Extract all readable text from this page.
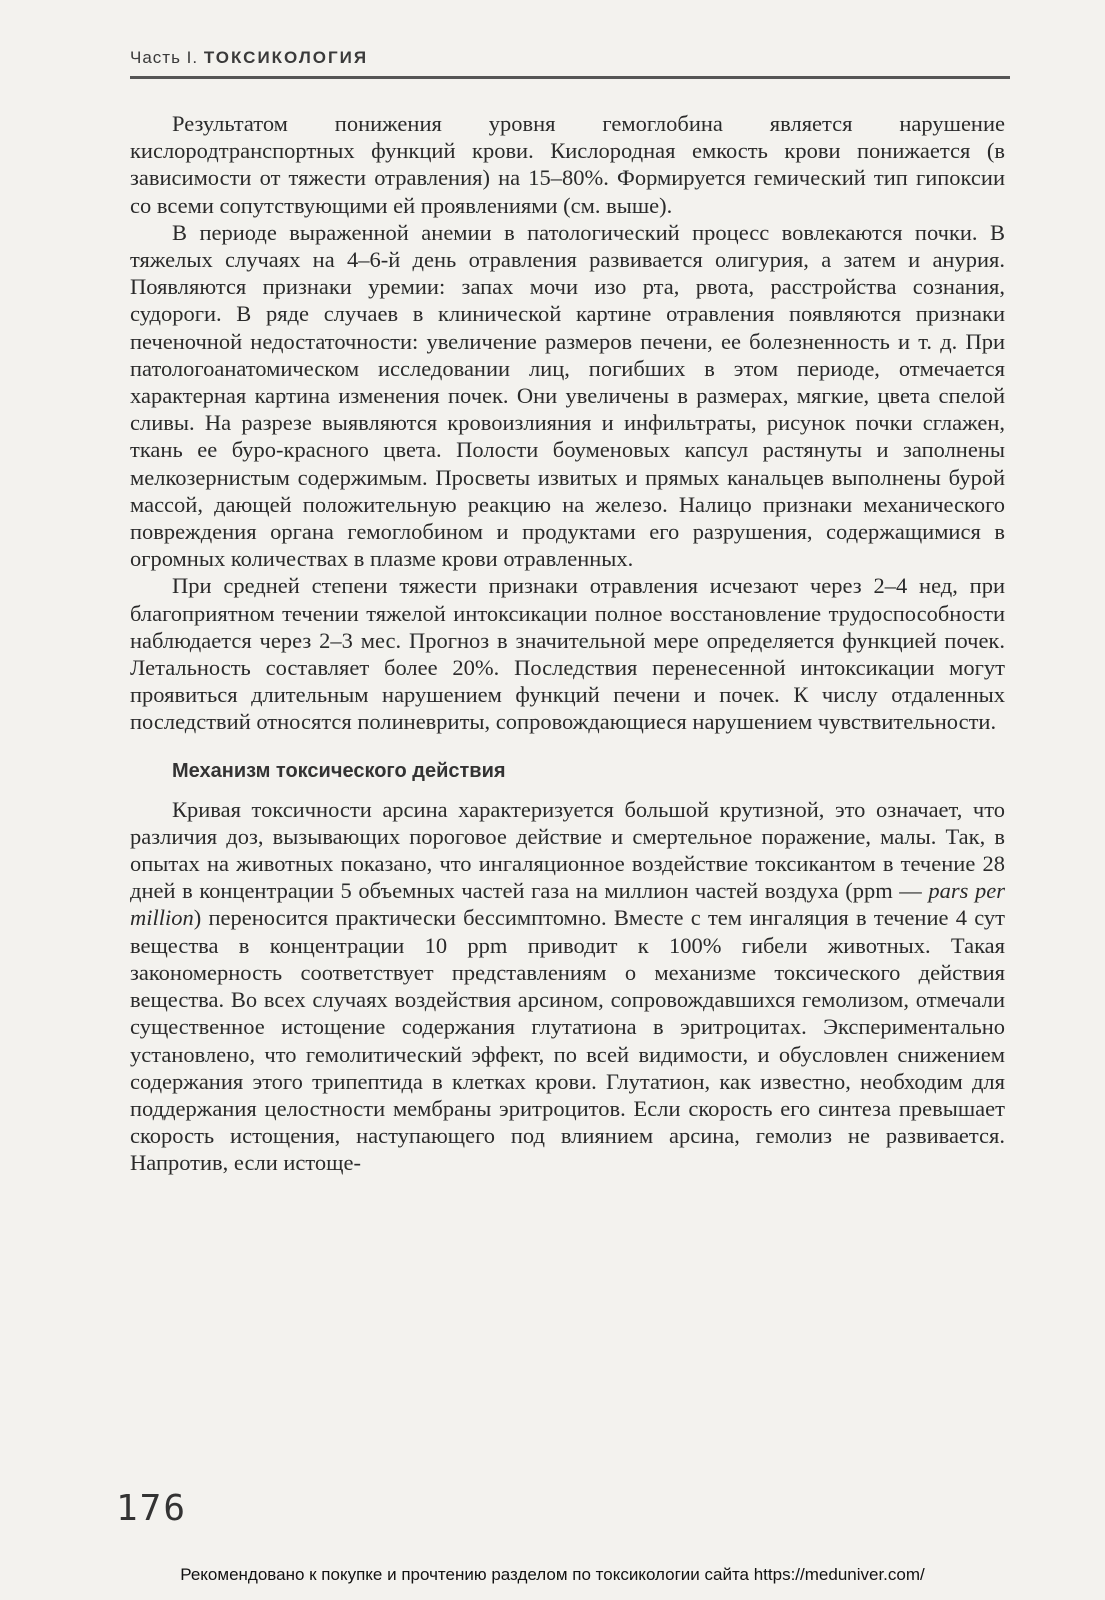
Часть I. ТОКСИКОЛОГИЯ

Результатом понижения уровня гемоглобина является нарушение кислородтранспортных функций крови. Кислородная емкость крови понижается (в зависимости от тяжести отравления) на 15–80%. Формируется гемический тип гипоксии со всеми сопутствующими ей проявлениями (см. выше).

В периоде выраженной анемии в патологический процесс вовлекаются почки. В тяжелых случаях на 4–6-й день отравления развивается олигурия, а затем и анурия. Появляются признаки уремии: запах мочи изо рта, рвота, расстройства сознания, судороги. В ряде случаев в клинической картине отравления появляются признаки печеночной недостаточности: увеличение размеров печени, ее болезненность и т. д. При патологоанатомическом исследовании лиц, погибших в этом периоде, отмечается характерная картина изменения почек. Они увеличены в размерах, мягкие, цвета спелой сливы. На разрезе выявляются кровоизлияния и инфильтраты, рисунок почки сглажен, ткань ее буро-красного цвета. Полости боуменовых капсул растянуты и заполнены мелкозернистым содержимым. Просветы извитых и прямых канальцев выполнены бурой массой, дающей положительную реакцию на железо. Налицо признаки механического повреждения органа гемоглобином и продуктами его разрушения, содержащимися в огромных количествах в плазме крови отравленных.

При средней степени тяжести признаки отравления исчезают через 2–4 нед, при благоприятном течении тяжелой интоксикации полное восстановление трудоспособности наблюдается через 2–3 мес. Прогноз в значительной мере определяется функцией почек. Летальность составляет более 20%. Последствия перенесенной интоксикации могут проявиться длительным нарушением функций печени и почек. К числу отдаленных последствий относятся полиневриты, сопровождающиеся нарушением чувствительности.

Механизм токсического действия

Кривая токсичности арсина характеризуется большой крутизной, это означает, что различия доз, вызывающих пороговое действие и смертельное поражение, малы. Так, в опытах на животных показано, что ингаляционное воздействие токсикантом в течение 28 дней в концентрации 5 объемных частей газа на миллион частей воздуха (ppm — pars per million) переносится практически бессимптомно. Вместе с тем ингаляция в течение 4 сут вещества в концентрации 10 ppm приводит к 100% гибели животных. Такая закономерность соответствует представлениям о механизме токсического действия вещества. Во всех случаях воздействия арсином, сопровождавшихся гемолизом, отмечали существенное истощение содержания глутатиона в эритроцитах. Экспериментально установлено, что гемолитический эффект, по всей видимости, и обусловлен снижением содержания этого трипептида в клетках крови. Глутатион, как известно, необходим для поддержания целостности мембраны эритроцитов. Если скорость его синтеза превышает скорость истощения, наступающего под влиянием арсина, гемолиз не развивается. Напротив, если истоще-

176
Рекомендовано к покупке и прочтению разделом по токсикологии сайта https://meduniver.com/
